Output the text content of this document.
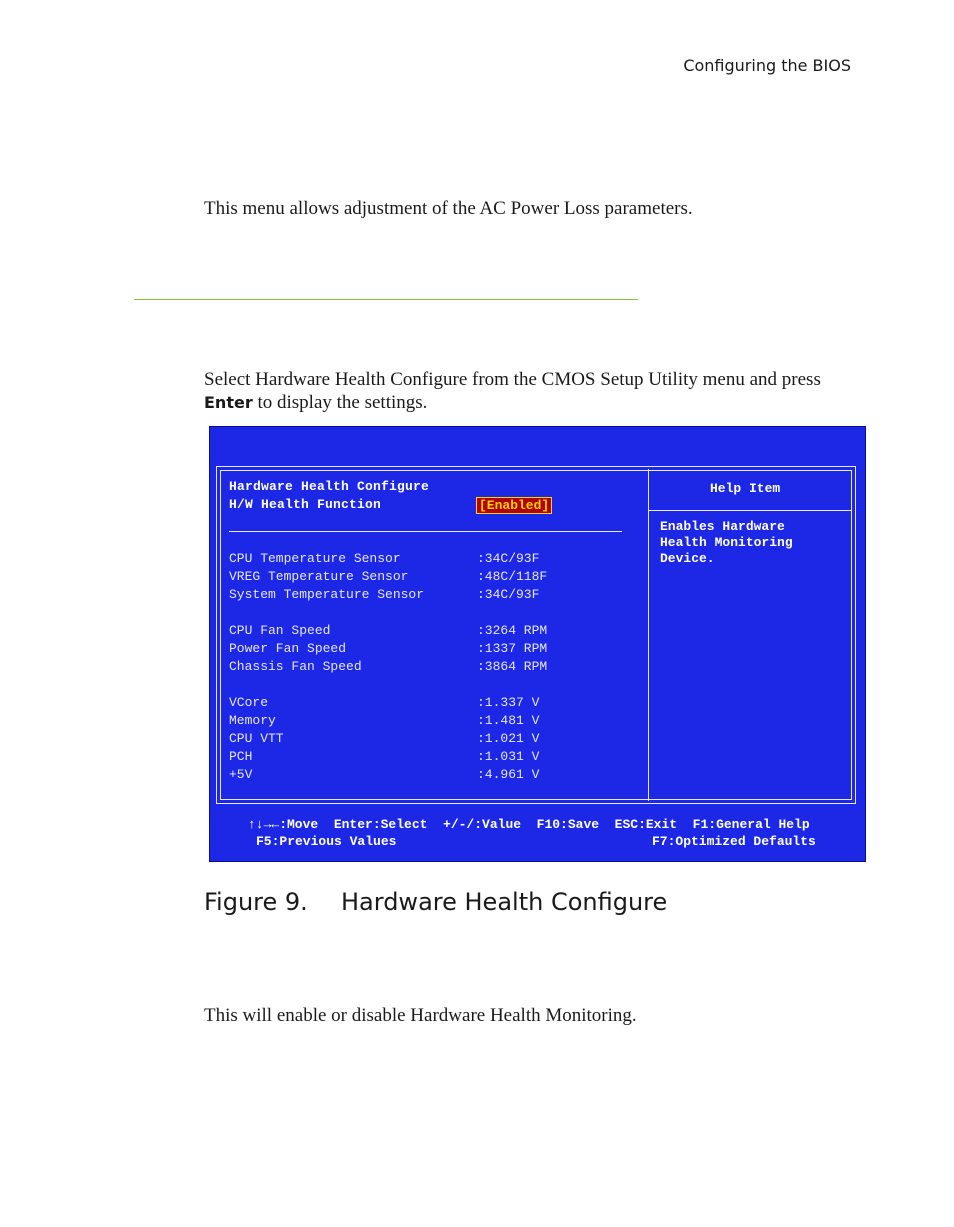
Configuring the BIOS
This menu allows adjustment of the AC Power Loss parameters.
Select Hardware Health Configure from the CMOS Setup Utility menu and press Enter to display the settings.
Hardware Health Configure
H/W Health Function	[Enabled]
CPU Temperature Sensor	:34C/93F
VREG Temperature Sensor	:48C/118F
System Temperature Sensor	:34C/93F
CPU Fan Speed	:3264 RPM
Power Fan Speed	:1337 RPM
Chassis Fan Speed	:3864 RPM
VCore	:1.337 V
Memory	:1.481 V
CPU VTT	:1.021 V
PCH	:1.031 V
+5V	:4.961 V
Help Item
Enables Hardware
Health Monitoring
Device.
↑↓→←:Move  Enter:Select  +/-/:Value  F10:Save  ESC:Exit  F1:General Help
F5:Previous Values	F7:Optimized Defaults
Figure 9. Hardware Health Configure
This will enable or disable Hardware Health Monitoring.
